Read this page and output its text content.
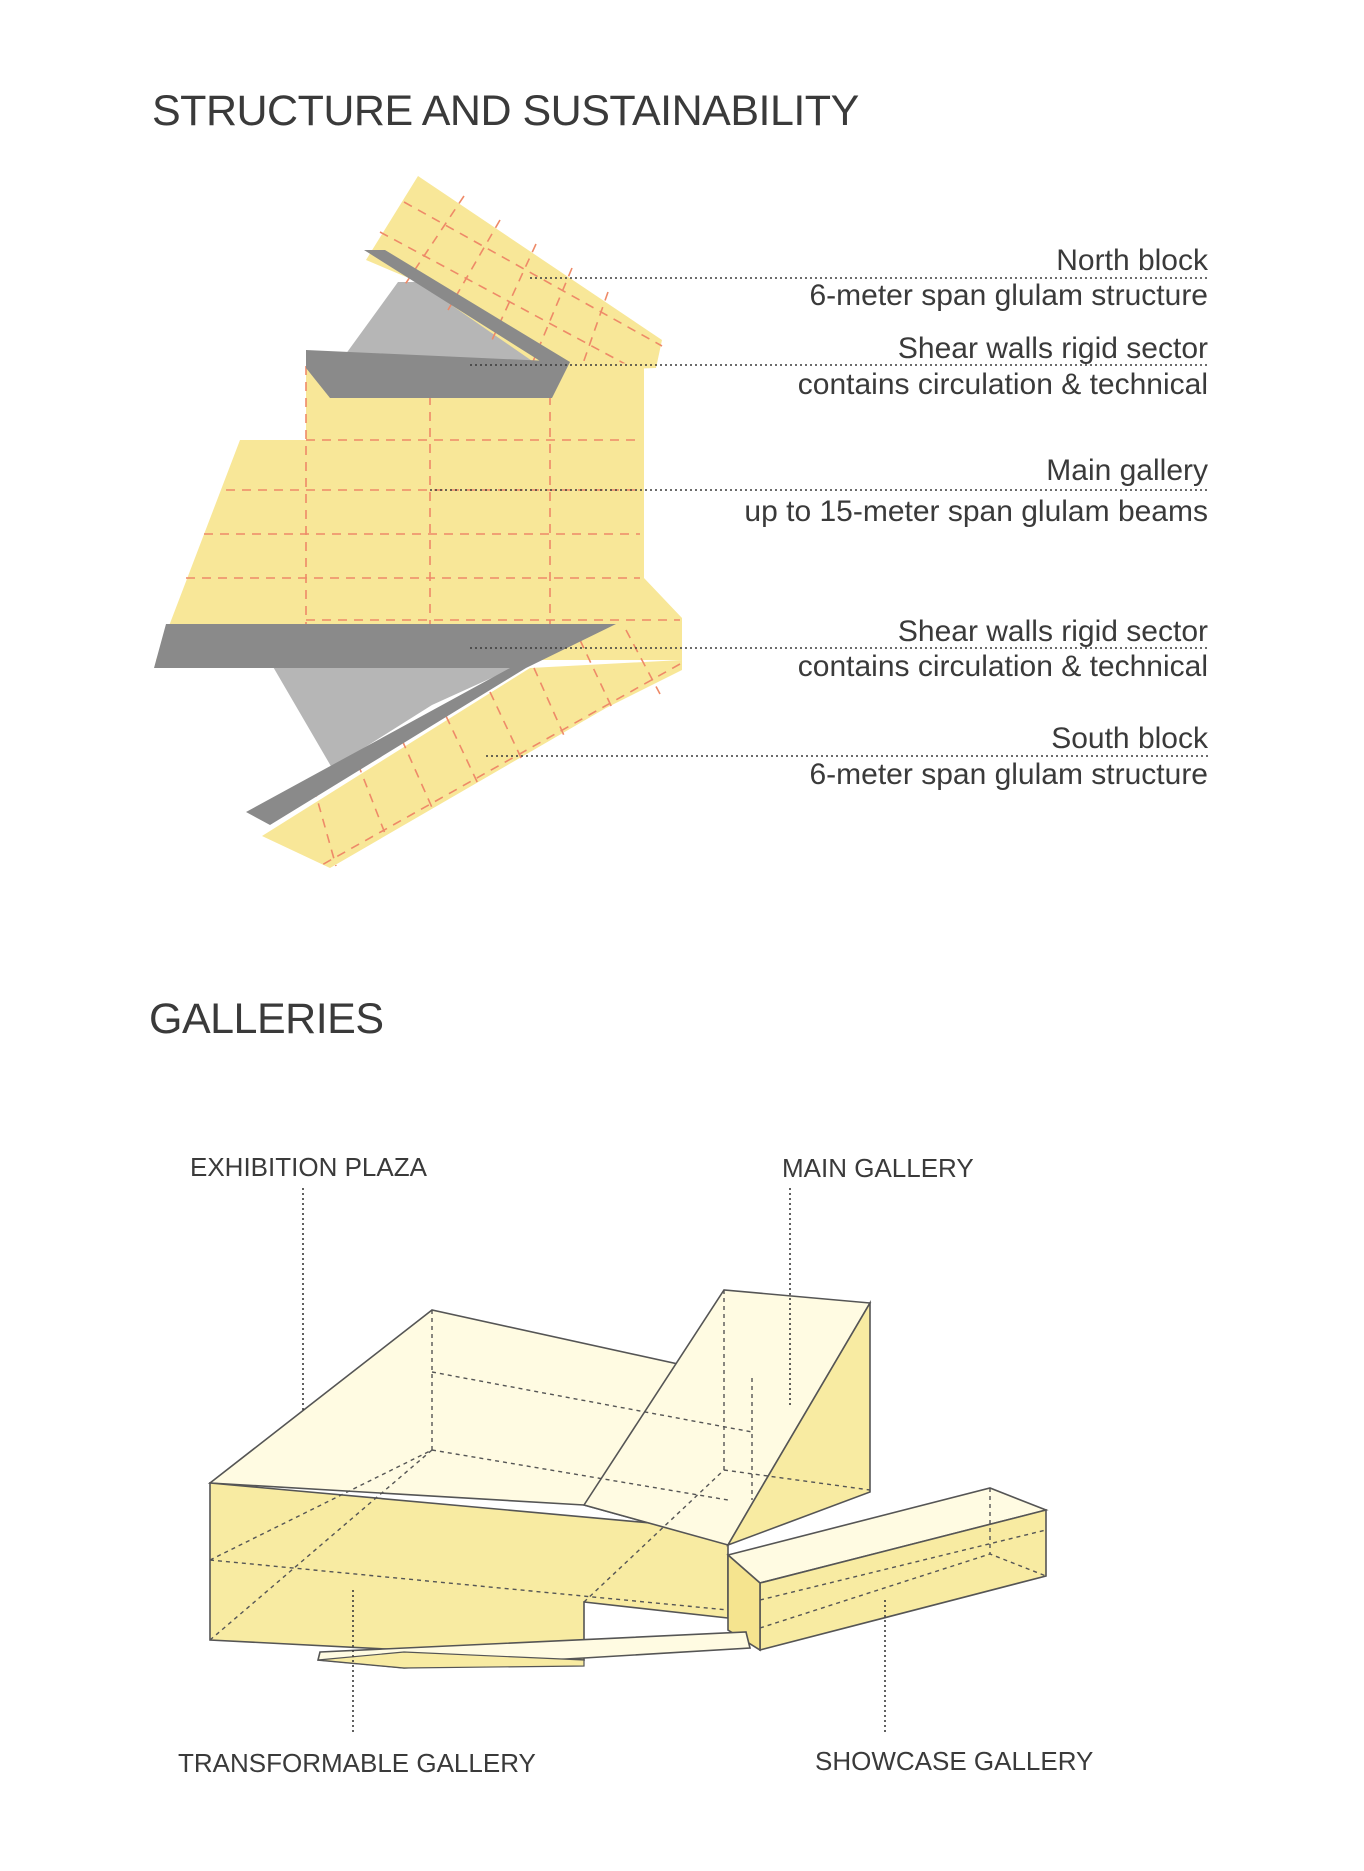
STRUCTURE AND SUSTAINABILITY
North block
6-meter span glulam structure
Shear walls rigid sector
contains circulation & technical
Main gallery
up to 15-meter span glulam beams
Shear walls rigid sector
contains circulation & technical
South block
6-meter span glulam structure
GALLERIES
EXHIBITION PLAZA	MAIN GALLERY
TRANSFORMABLE GALLERY	SHOWCASE GALLERY
